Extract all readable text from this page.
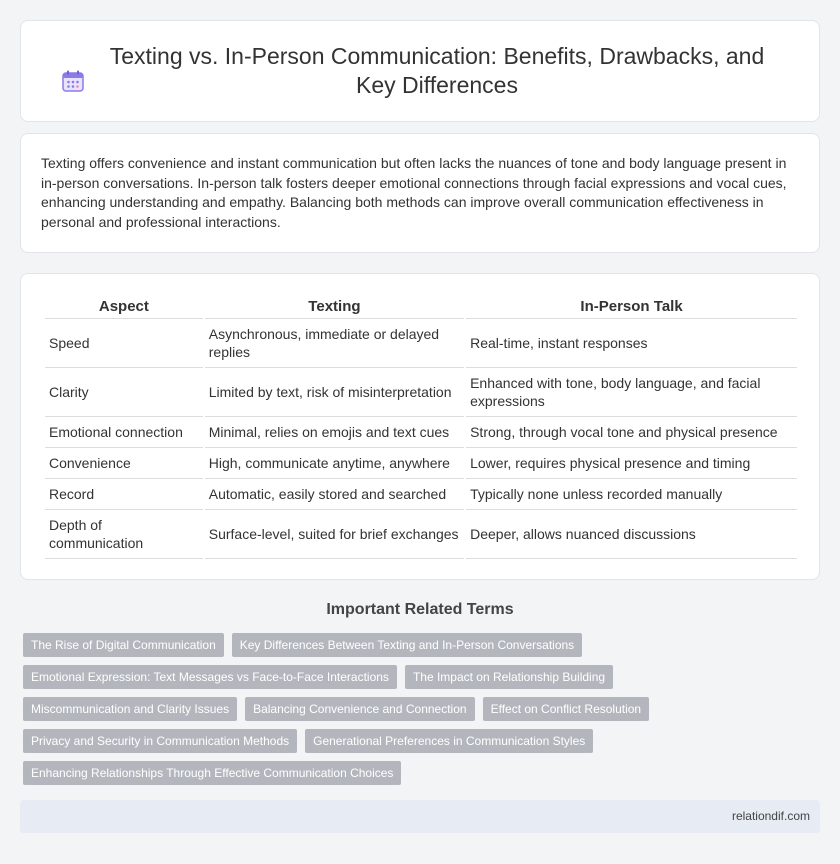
Texting vs. In-Person Communication: Benefits, Drawbacks, and Key Differences

Texting offers convenience and instant communication but often lacks the nuances of tone and body language present in in-person conversations. In-person talk fosters deeper emotional connections through facial expressions and vocal cues, enhancing understanding and empathy. Balancing both methods can improve overall communication effectiveness in personal and professional interactions.

Aspect	Texting	In-Person Talk
Speed	Asynchronous, immediate or delayed replies	Real-time, instant responses
Clarity	Limited by text, risk of misinterpretation	Enhanced with tone, body language, and facial expressions
Emotional connection	Minimal, relies on emojis and text cues	Strong, through vocal tone and physical presence
Convenience	High, communicate anytime, anywhere	Lower, requires physical presence and timing
Record	Automatic, easily stored and searched	Typically none unless recorded manually
Depth of communication	Surface-level, suited for brief exchanges	Deeper, allows nuanced discussions
Important Related Terms
The Rise of Digital Communication	Key Differences Between Texting and In-Person Conversations
Emotional Expression: Text Messages vs Face-to-Face Interactions	The Impact on Relationship Building
Miscommunication and Clarity Issues	Balancing Convenience and Connection	Effect on Conflict Resolution
Privacy and Security in Communication Methods	Generational Preferences in Communication Styles
Enhancing Relationships Through Effective Communication Choices
relationdif.com
